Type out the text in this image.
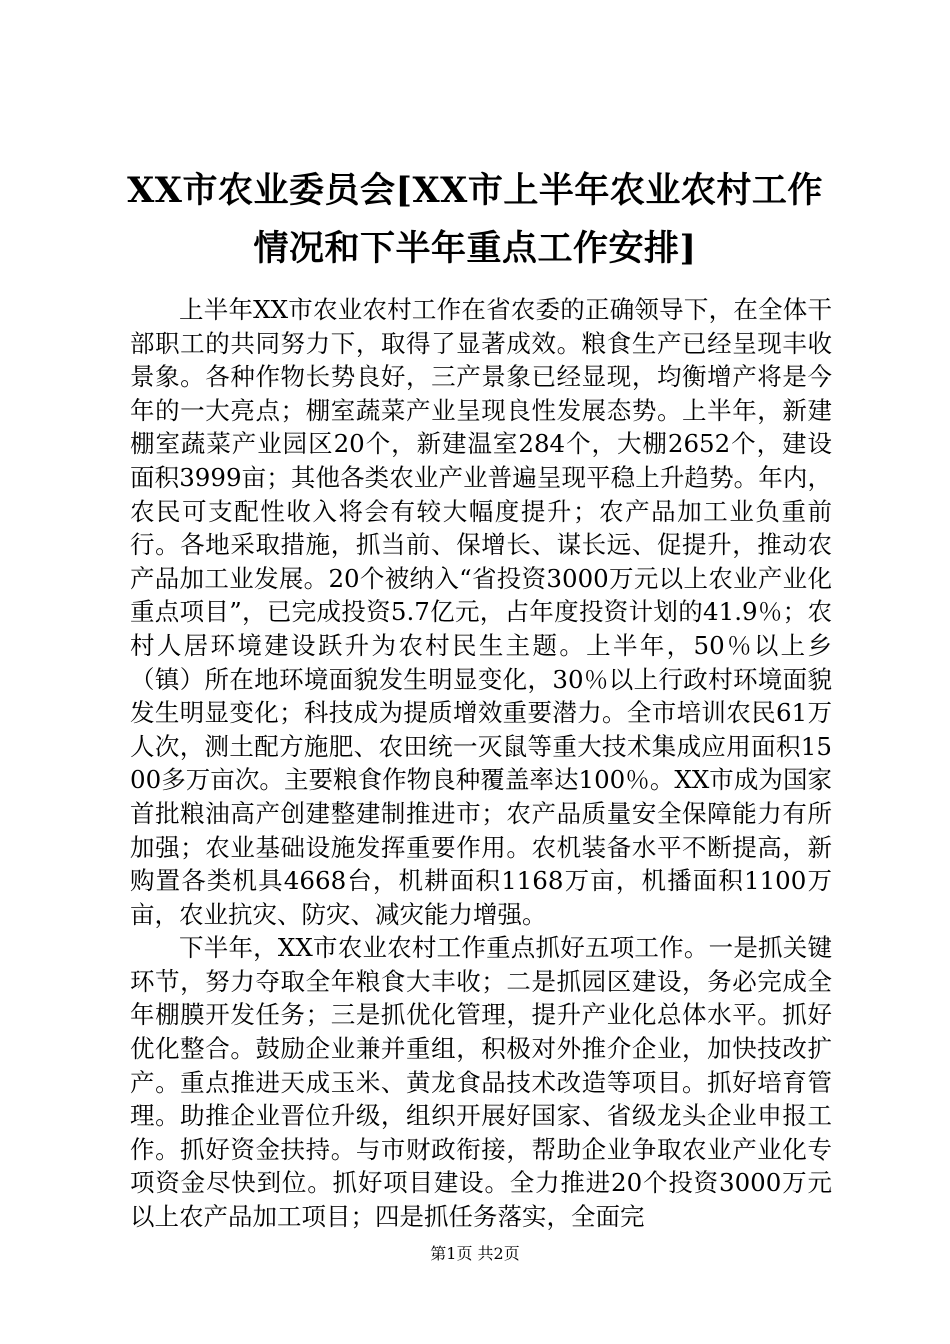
XX市农业委员会[XX市上半年农业农村工作情况和下半年重点工作安排]

上半年XX市农业农村工作在省农委的正确领导下，在全体干部职工的共同努力下，取得了显著成效。粮食生产已经呈现丰收景象。各种作物长势良好，三产景象已经显现，均衡增产将是今年的一大亮点；棚室蔬菜产业呈现良性发展态势。上半年，新建棚室蔬菜产业园区20个，新建温室284个，大棚2652个，建设面积3999亩；其他各类农业产业普遍呈现平稳上升趋势。年内，农民可支配性收入将会有较大幅度提升；农产品加工业负重前行。各地采取措施，抓当前、保增长、谋长远、促提升，推动农产品加工业发展。20个被纳入“省投资3000万元以上农业产业化重点项目”，已完成投资5.7亿元，占年度投资计划的41.9％；农村人居环境建设跃升为农村民生主题。上半年，50％以上乡（镇）所在地环境面貌发生明显变化，30％以上行政村环境面貌发生明显变化；科技成为提质增效重要潜力。全市培训农民61万人次，测土配方施肥、农田统一灭鼠等重大技术集成应用面积1500多万亩次。主要粮食作物良种覆盖率达100％。XX市成为国家首批粮油高产创建整建制推进市；农产品质量安全保障能力有所加强；农业基础设施发挥重要作用。农机装备水平不断提高，新购置各类机具4668台，机耕面积1168万亩，机播面积1100万亩，农业抗灾、防灾、减灾能力增强。

下半年，XX市农业农村工作重点抓好五项工作。一是抓关键环节，努力夺取全年粮食大丰收；二是抓园区建设，务必完成全年棚膜开发任务；三是抓优化管理，提升产业化总体水平。抓好优化整合。鼓励企业兼并重组，积极对外推介企业，加快技改扩产。重点推进天成玉米、黄龙食品技术改造等项目。抓好培育管理。助推企业晋位升级，组织开展好国家、省级龙头企业申报工作。抓好资金扶持。与市财政衔接，帮助企业争取农业产业化专项资金尽快到位。抓好项目建设。全力推进20个投资3000万元以上农产品加工项目；四是抓任务落实，全面完

第1页 共2页
